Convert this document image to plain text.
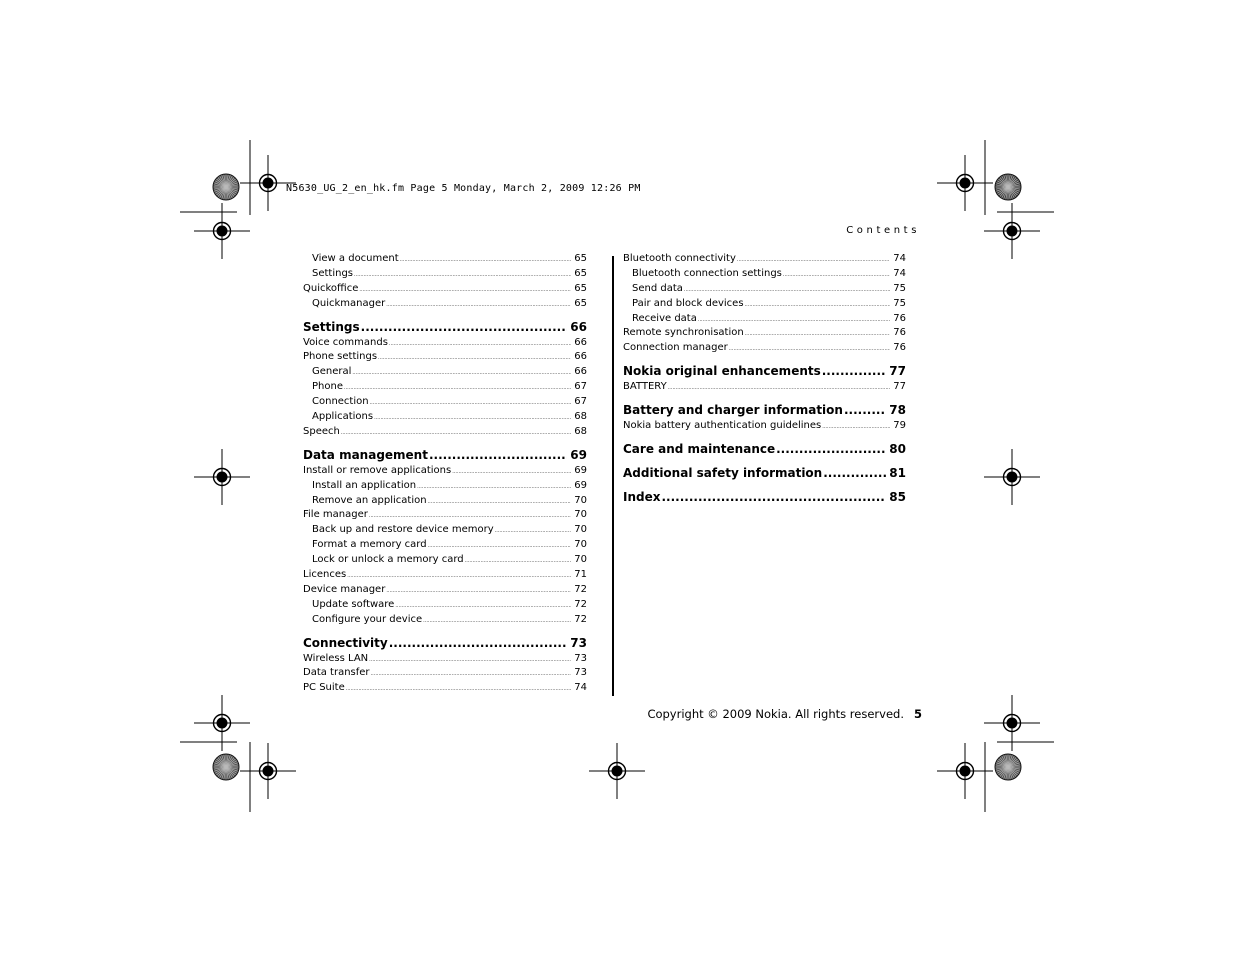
N5630_UG_2_en_hk.fm Page 5 Monday, March 2, 2009 12:26 PM
Contents
View a document .....	65
Settings .....	65
Quickoffice .....	65
Quickmanager .....	65
Settings .....	66
Voice commands .....	66
Phone settings .....	66
General .....	66
Phone .....	67
Connection .....	67
Applications .....	68
Speech .....	68
Data management .....	69
Install or remove applications .....	69
Install an application .....	69
Remove an application .....	70
File manager .....	70
Back up and restore device memory .....	70
Format a memory card .....	70
Lock or unlock a memory card .....	70
Licences .....	71
Device manager .....	72
Update software .....	72
Configure your device .....	72
Connectivity .....	73
Wireless LAN .....	73
Data transfer .....	73
PC Suite .....	74
Bluetooth connectivity .....	74
Bluetooth connection settings .....	74
Send data .....	75
Pair and block devices .....	75
Receive data .....	76
Remote synchronisation .....	76
Connection manager .....	76
Nokia original enhancements .....	77
BATTERY .....	77
Battery and charger information .....	78
Nokia battery authentication guidelines .....	79
Care and maintenance .....	80
Additional safety information .....	81
Index .....	85
Copyright © 2009 Nokia. All rights reserved. 5
